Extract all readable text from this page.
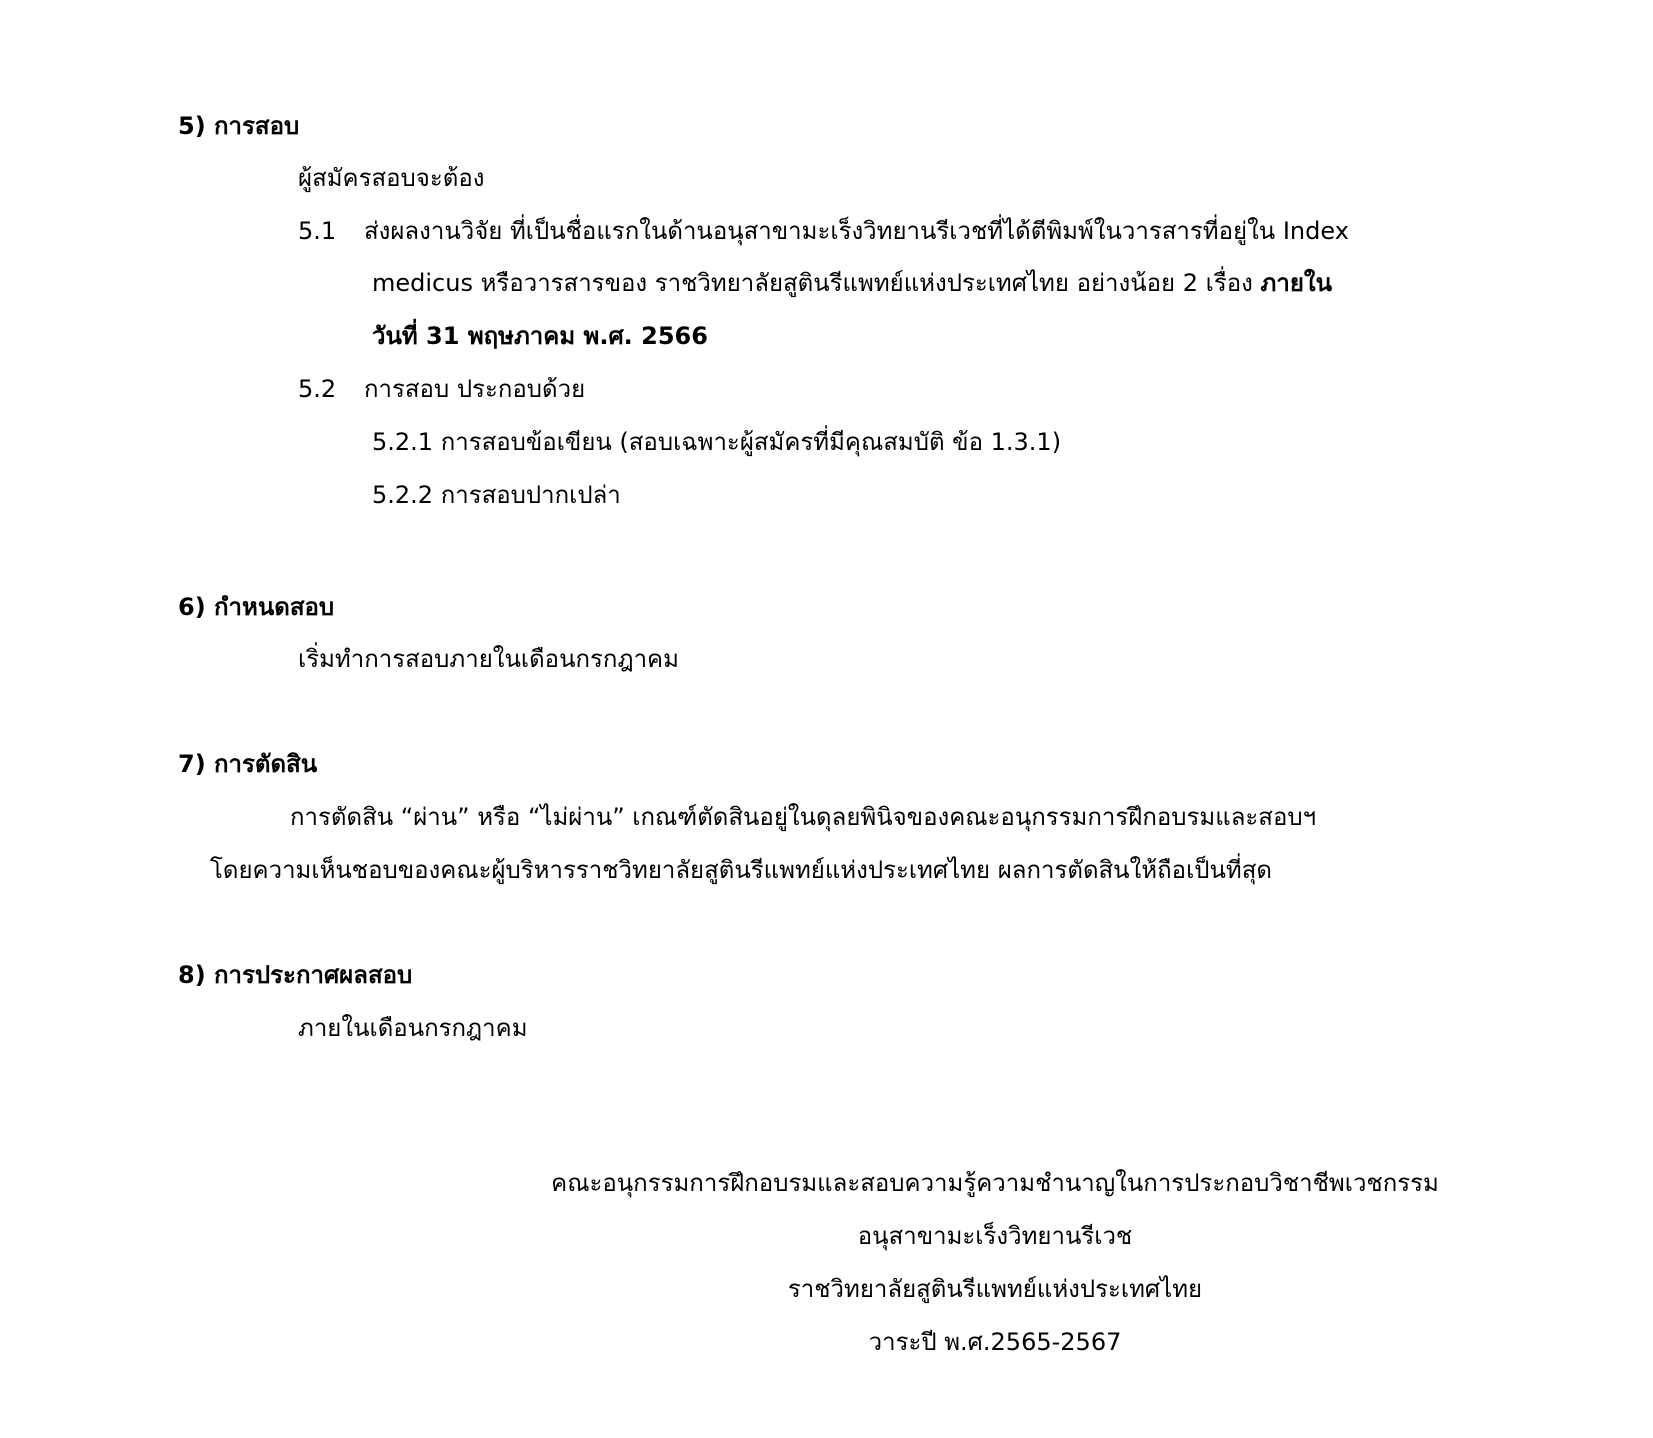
5) การสอบ
ผู้สมัครสอบจะต้อง
5.1 ส่งผลงานวิจัย ที่เป็นชื่อแรกในด้านอนุสาขามะเร็งวิทยานรีเวชที่ได้ตีพิมพ์ในวารสารที่อยู่ใน Index
medicus หรือวารสารของ ราชวิทยาลัยสูตินรีแพทย์แห่งประเทศไทย อย่างน้อย 2 เรื่อง ภายใน
วันที่ 31 พฤษภาคม พ.ศ. 2566
5.2 การสอบ ประกอบด้วย
5.2.1 การสอบข้อเขียน (สอบเฉพาะผู้สมัครที่มีคุณสมบัติ ข้อ 1.3.1)
5.2.2 การสอบปากเปล่า
6) กำหนดสอบ
เริ่มทำการสอบภายในเดือนกรกฎาคม
7) การตัดสิน
การตัดสิน “ผ่าน” หรือ “ไม่ผ่าน” เกณฑ์ตัดสินอยู่ในดุลยพินิจของคณะอนุกรรมการฝึกอบรมและสอบฯ
โดยความเห็นชอบของคณะผู้บริหารราชวิทยาลัยสูตินรีแพทย์แห่งประเทศไทย ผลการตัดสินให้ถือเป็นที่สุด
8) การประกาศผลสอบ
ภายในเดือนกรกฎาคม
คณะอนุกรรมการฝึกอบรมและสอบความรู้ความชำนาญในการประกอบวิชาชีพเวชกรรม
อนุสาขามะเร็งวิทยานรีเวช
ราชวิทยาลัยสูตินรีแพทย์แห่งประเทศไทย
วาระปี พ.ศ.2565-2567
